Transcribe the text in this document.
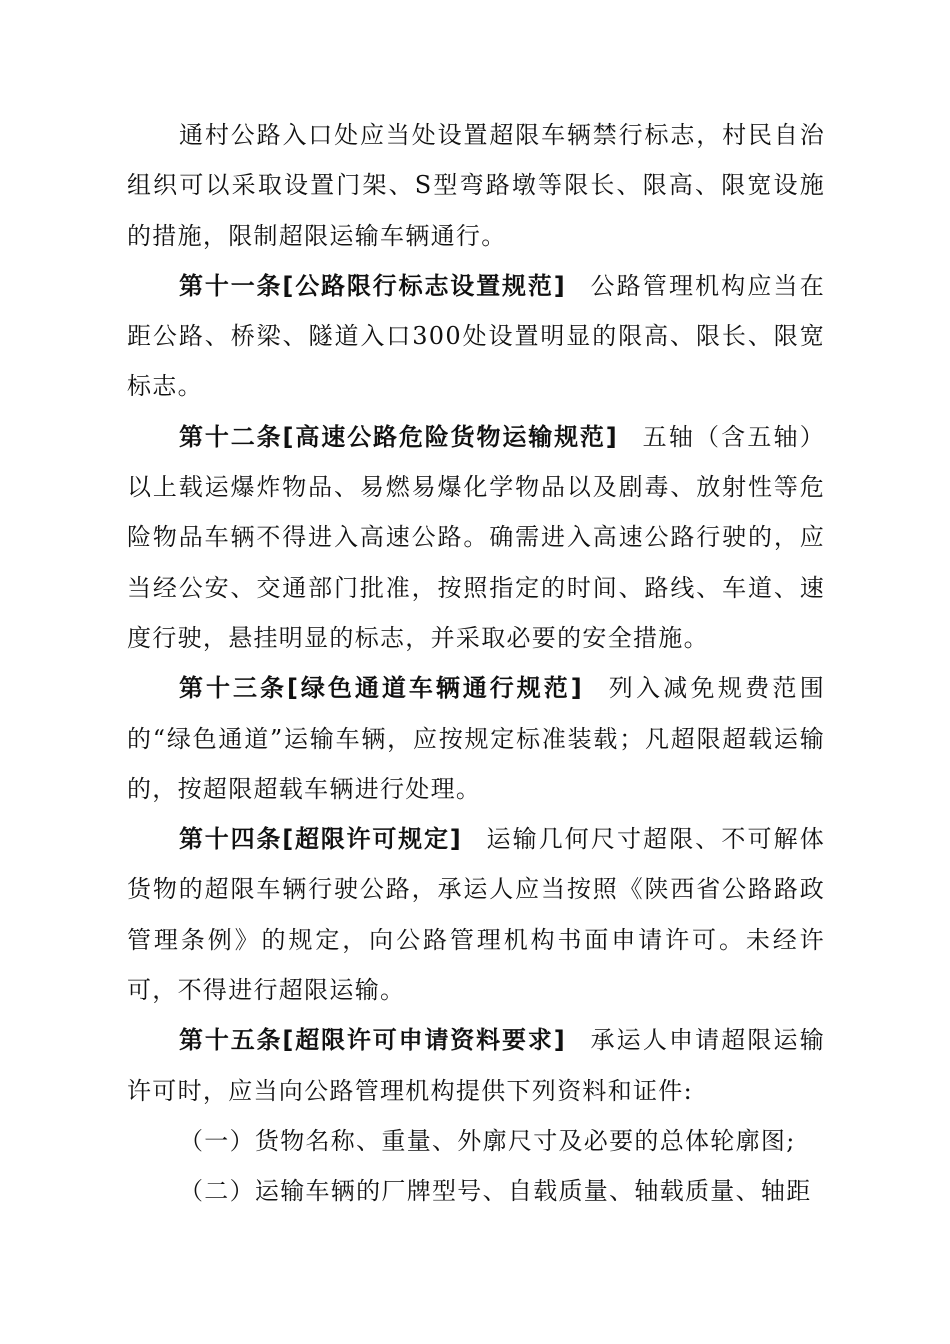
通村公路入口处应当处设置超限车辆禁行标志，村民自治组织可以采取设置门架、S型弯路墩等限长、限高、限宽设施的措施，限制超限运输车辆通行。

第十一条[公路限行标志设置规范] 公路管理机构应当在距公路、桥梁、隧道入口300处设置明显的限高、限长、限宽标志。

第十二条[高速公路危险货物运输规范] 五轴（含五轴）以上载运爆炸物品、易燃易爆化学物品以及剧毒、放射性等危险物品车辆不得进入高速公路。确需进入高速公路行驶的，应当经公安、交通部门批准，按照指定的时间、路线、车道、速度行驶，悬挂明显的标志，并采取必要的安全措施。

第十三条[绿色通道车辆通行规范] 列入减免规费范围的“绿色通道”运输车辆，应按规定标准装载；凡超限超载运输的，按超限超载车辆进行处理。

第十四条[超限许可规定] 运输几何尺寸超限、不可解体货物的超限车辆行驶公路，承运人应当按照《陕西省公路路政管理条例》的规定，向公路管理机构书面申请许可。未经许可，不得进行超限运输。

第十五条[超限许可申请资料要求] 承运人申请超限运输许可时，应当向公路管理机构提供下列资料和证件:

（一）货物名称、重量、外廓尺寸及必要的总体轮廓图;

（二）运输车辆的厂牌型号、自载质量、轴载质量、轴距
